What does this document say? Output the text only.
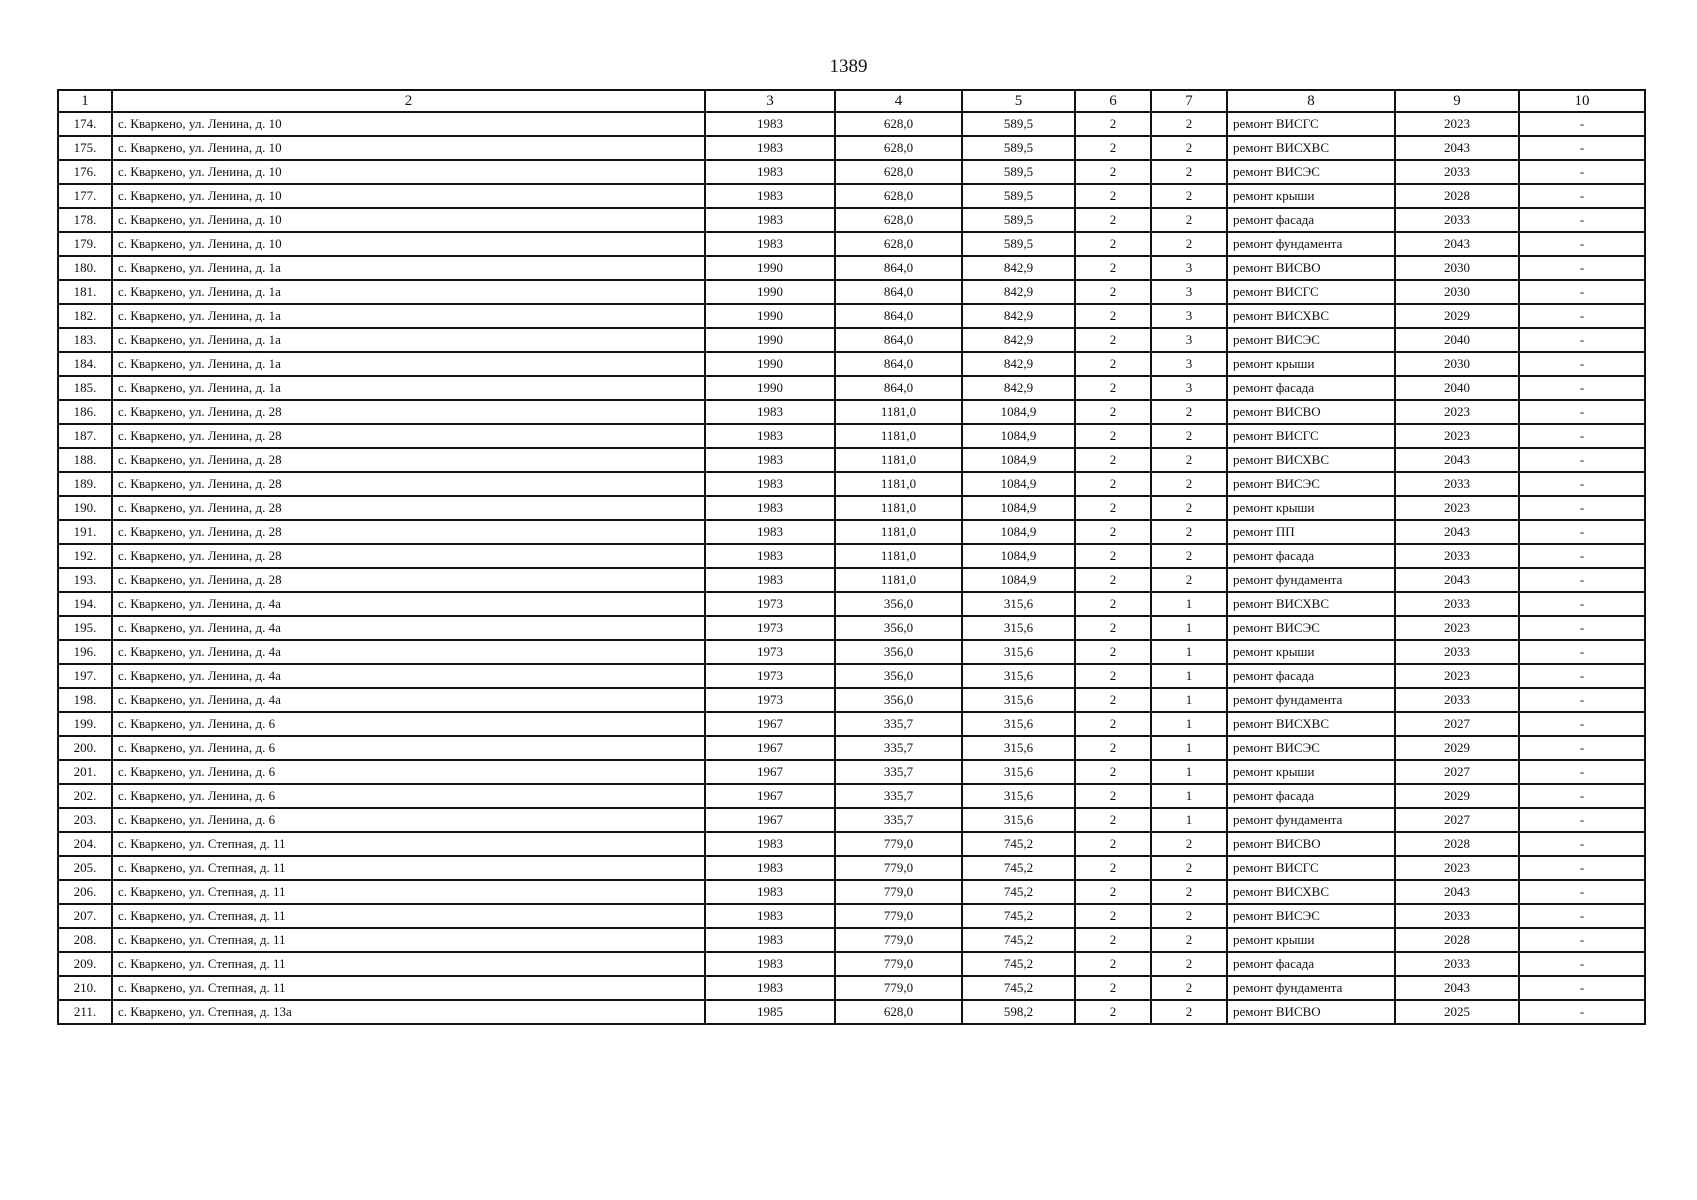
1389
1	2	3	4	5	6	7	8	9	10
174.	с. Кваркено, ул. Ленина, д. 10	1983	628,0	589,5	2	2	ремонт ВИСГС	2023	-
175.	с. Кваркено, ул. Ленина, д. 10	1983	628,0	589,5	2	2	ремонт ВИСХВС	2043	-
176.	с. Кваркено, ул. Ленина, д. 10	1983	628,0	589,5	2	2	ремонт ВИСЭС	2033	-
177.	с. Кваркено, ул. Ленина, д. 10	1983	628,0	589,5	2	2	ремонт крыши	2028	-
178.	с. Кваркено, ул. Ленина, д. 10	1983	628,0	589,5	2	2	ремонт фасада	2033	-
179.	с. Кваркено, ул. Ленина, д. 10	1983	628,0	589,5	2	2	ремонт фундамента	2043	-
180.	с. Кваркено, ул. Ленина, д. 1а	1990	864,0	842,9	2	3	ремонт ВИСВО	2030	-
181.	с. Кваркено, ул. Ленина, д. 1а	1990	864,0	842,9	2	3	ремонт ВИСГС	2030	-
182.	с. Кваркено, ул. Ленина, д. 1а	1990	864,0	842,9	2	3	ремонт ВИСХВС	2029	-
183.	с. Кваркено, ул. Ленина, д. 1а	1990	864,0	842,9	2	3	ремонт ВИСЭС	2040	-
184.	с. Кваркено, ул. Ленина, д. 1а	1990	864,0	842,9	2	3	ремонт крыши	2030	-
185.	с. Кваркено, ул. Ленина, д. 1а	1990	864,0	842,9	2	3	ремонт фасада	2040	-
186.	с. Кваркено, ул. Ленина, д. 28	1983	1181,0	1084,9	2	2	ремонт ВИСВО	2023	-
187.	с. Кваркено, ул. Ленина, д. 28	1983	1181,0	1084,9	2	2	ремонт ВИСГС	2023	-
188.	с. Кваркено, ул. Ленина, д. 28	1983	1181,0	1084,9	2	2	ремонт ВИСХВС	2043	-
189.	с. Кваркено, ул. Ленина, д. 28	1983	1181,0	1084,9	2	2	ремонт ВИСЭС	2033	-
190.	с. Кваркено, ул. Ленина, д. 28	1983	1181,0	1084,9	2	2	ремонт крыши	2023	-
191.	с. Кваркено, ул. Ленина, д. 28	1983	1181,0	1084,9	2	2	ремонт ПП	2043	-
192.	с. Кваркено, ул. Ленина, д. 28	1983	1181,0	1084,9	2	2	ремонт фасада	2033	-
193.	с. Кваркено, ул. Ленина, д. 28	1983	1181,0	1084,9	2	2	ремонт фундамента	2043	-
194.	с. Кваркено, ул. Ленина, д. 4а	1973	356,0	315,6	2	1	ремонт ВИСХВС	2033	-
195.	с. Кваркено, ул. Ленина, д. 4а	1973	356,0	315,6	2	1	ремонт ВИСЭС	2023	-
196.	с. Кваркено, ул. Ленина, д. 4а	1973	356,0	315,6	2	1	ремонт крыши	2033	-
197.	с. Кваркено, ул. Ленина, д. 4а	1973	356,0	315,6	2	1	ремонт фасада	2023	-
198.	с. Кваркено, ул. Ленина, д. 4а	1973	356,0	315,6	2	1	ремонт фундамента	2033	-
199.	с. Кваркено, ул. Ленина, д. 6	1967	335,7	315,6	2	1	ремонт ВИСХВС	2027	-
200.	с. Кваркено, ул. Ленина, д. 6	1967	335,7	315,6	2	1	ремонт ВИСЭС	2029	-
201.	с. Кваркено, ул. Ленина, д. 6	1967	335,7	315,6	2	1	ремонт крыши	2027	-
202.	с. Кваркено, ул. Ленина, д. 6	1967	335,7	315,6	2	1	ремонт фасада	2029	-
203.	с. Кваркено, ул. Ленина, д. 6	1967	335,7	315,6	2	1	ремонт фундамента	2027	-
204.	с. Кваркено, ул. Степная, д. 11	1983	779,0	745,2	2	2	ремонт ВИСВО	2028	-
205.	с. Кваркено, ул. Степная, д. 11	1983	779,0	745,2	2	2	ремонт ВИСГС	2023	-
206.	с. Кваркено, ул. Степная, д. 11	1983	779,0	745,2	2	2	ремонт ВИСХВС	2043	-
207.	с. Кваркено, ул. Степная, д. 11	1983	779,0	745,2	2	2	ремонт ВИСЭС	2033	-
208.	с. Кваркено, ул. Степная, д. 11	1983	779,0	745,2	2	2	ремонт крыши	2028	-
209.	с. Кваркено, ул. Степная, д. 11	1983	779,0	745,2	2	2	ремонт фасада	2033	-
210.	с. Кваркено, ул. Степная, д. 11	1983	779,0	745,2	2	2	ремонт фундамента	2043	-
211.	с. Кваркено, ул. Степная, д. 13а	1985	628,0	598,2	2	2	ремонт ВИСВО	2025	-
